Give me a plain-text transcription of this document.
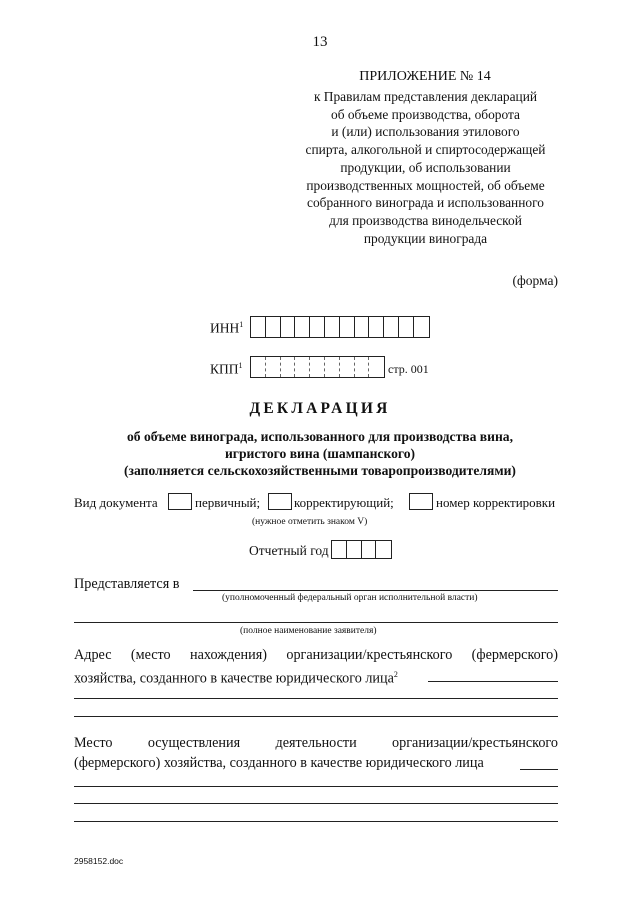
13
ПРИЛОЖЕНИЕ № 14
к Правилам представления деклараций
об объеме производства, оборота
и (или) использования этилового
спирта, алкогольной и спиртосодержащей
продукции, об использовании
производственных мощностей, об объеме
собранного винограда и использованного
для производства винодельческой
продукции винограда
(форма)
ИНН$^1$
КПП$^1$	стр. 001
ДЕКЛАРАЦИЯ
об объеме винограда, использованного для производства вина,
игристого вина (шампанского)
(заполняется сельскохозяйственными товаропроизводителями)
Вид документа	первичный;	корректирующий;	номер корректировки
(нужное отметить знаком V)
Отчетный год
Представляется в
(уполномоченный федеральный орган исполнительной власти)
(полное наименование заявителя)
Адрес (место нахождения) организации/крестьянского (фермерского)
хозяйства, созданного в качестве юридического лица$^2$
Место осуществления деятельности организации/крестьянского
(фермерского) хозяйства, созданного в качестве юридического лица
2958152.doc
